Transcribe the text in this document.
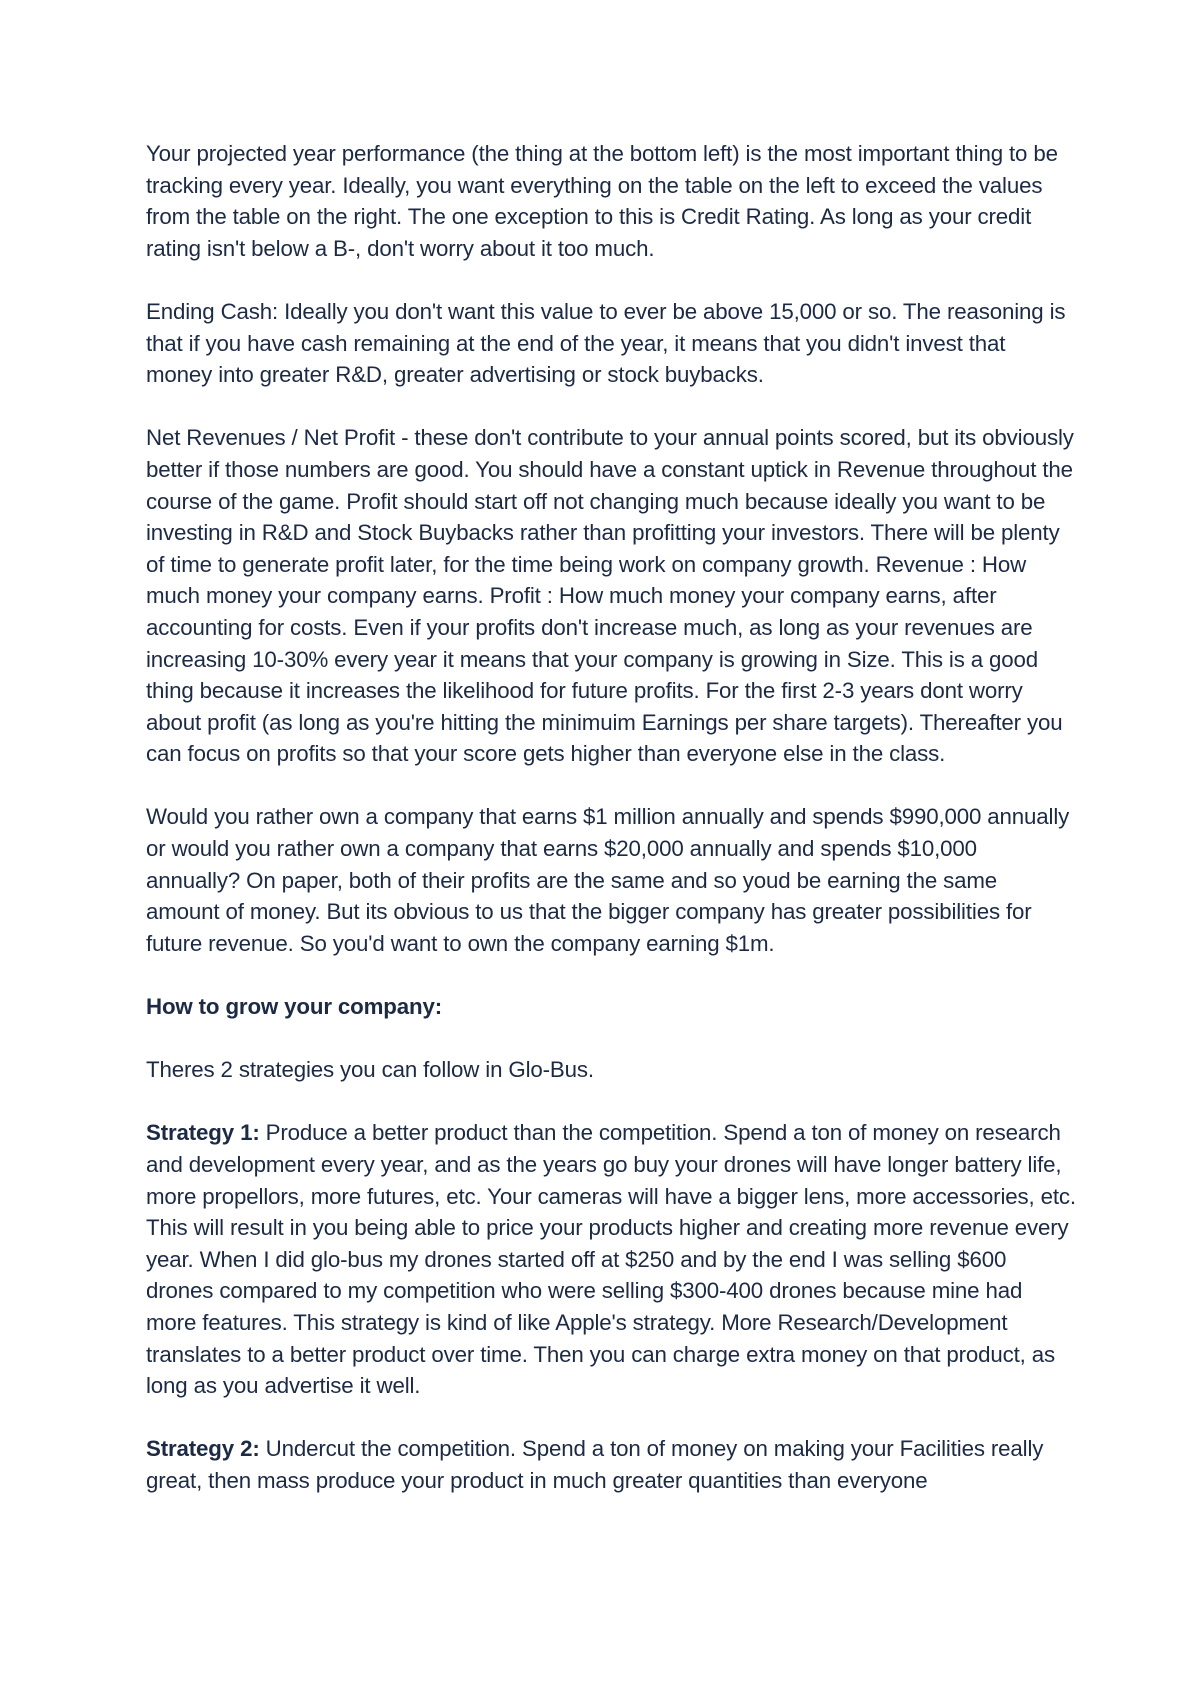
Your projected year performance (the thing at the bottom left) is the most important thing to be tracking every year. Ideally, you want everything on the table on the left to exceed the values from the table on the right. The one exception to this is Credit Rating. As long as your credit rating isn't below a B-, don't worry about it too much.

Ending Cash: Ideally you don't want this value to ever be above 15,000 or so. The reasoning is that if you have cash remaining at the end of the year, it means that you didn't invest that money into greater R&D, greater advertising or stock buybacks.

Net Revenues / Net Profit - these don't contribute to your annual points scored, but its obviously better if those numbers are good. You should have a constant uptick in Revenue throughout the course of the game. Profit should start off not changing much because ideally you want to be investing in R&D and Stock Buybacks rather than profitting your investors. There will be plenty of time to generate profit later, for the time being work on company growth. Revenue : How much money your company earns. Profit : How much money your company earns, after accounting for costs. Even if your profits don't increase much, as long as your revenues are increasing 10-30% every year it means that your company is growing in Size. This is a good thing because it increases the likelihood for future profits. For the first 2-3 years dont worry about profit (as long as you're hitting the minimuim Earnings per share targets). Thereafter you can focus on profits so that your score gets higher than everyone else in the class.

Would you rather own a company that earns $1 million annually and spends $990,000 annually or would you rather own a company that earns $20,000 annually and spends $10,000 annually? On paper, both of their profits are the same and so youd be earning the same amount of money. But its obvious to us that the bigger company has greater possibilities for future revenue. So you'd want to own the company earning $1m.

How to grow your company:

Theres 2 strategies you can follow in Glo-Bus.

Strategy 1: Produce a better product than the competition. Spend a ton of money on research and development every year, and as the years go buy your drones will have longer battery life, more propellors, more futures, etc. Your cameras will have a bigger lens, more accessories, etc. This will result in you being able to price your products higher and creating more revenue every year. When I did glo-bus my drones started off at $250 and by the end I was selling $600 drones compared to my competition who were selling $300-400 drones because mine had more features. This strategy is kind of like Apple's strategy. More Research/Development translates to a better product over time. Then you can charge extra money on that product, as long as you advertise it well.

Strategy 2: Undercut the competition. Spend a ton of money on making your Facilities really great, then mass produce your product in much greater quantities than everyone
